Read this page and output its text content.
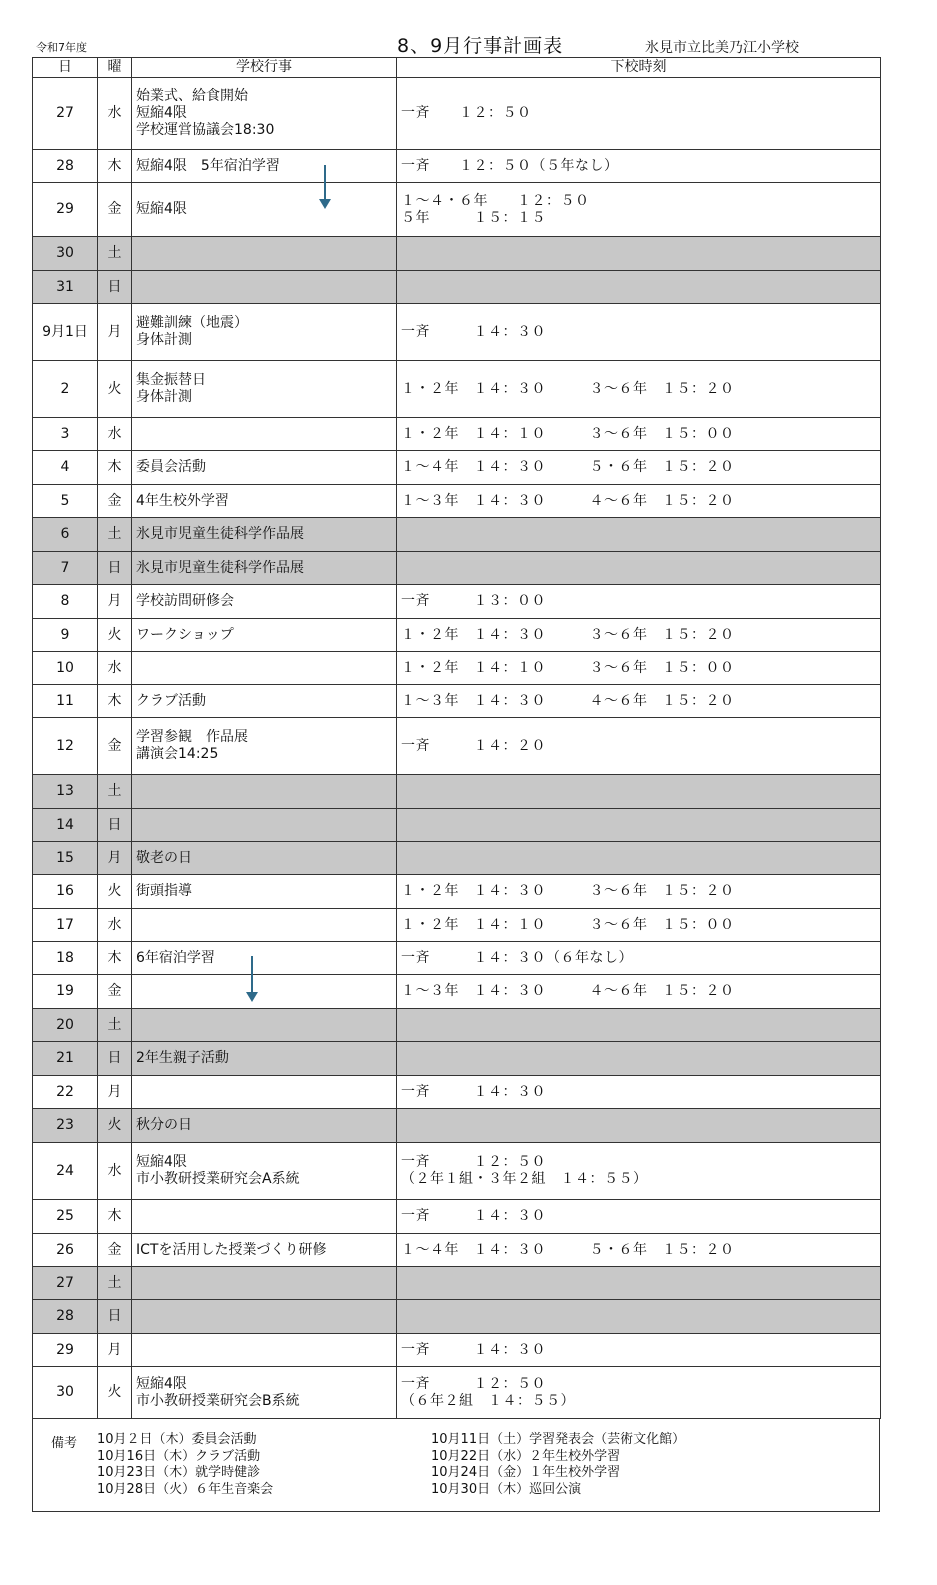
令和7年度	8、9月行事計画表	氷見市立比美乃江小学校
日	曜	学校行事	下校時刻
27	水	始業式、給食開始
短縮4限
学校運営協議会18:30	一斉　　１２：５０

28	木	短縮4限　5年宿泊学習	一斉　　１２：５０（５年なし）

29	金	短縮4限	１～４・６年　　１２：５０
５年　　　１５：１５

30	土		
31	日		
9月1日	月	避難訓練（地震）
身体計測	一斉　　　１４：３０

2	火	集金振替日
身体計測	１・２年　１４：３０　　　３～６年　１５：２０

3	水		１・２年　１４：１０　　　３～６年　１５：００

4	木	委員会活動	１～４年　１４：３０　　　５・６年　１５：２０

5	金	4年生校外学習	１～３年　１４：３０　　　４～６年　１５：２０

6	土	氷見市児童生徒科学作品展	

7	日	氷見市児童生徒科学作品展	

8	月	学校訪問研修会	一斉　　　１３：００

9	火	ワークショップ	１・２年　１４：３０　　　３～６年　１５：２０

10	水		１・２年　１４：１０　　　３～６年　１５：００

11	木	クラブ活動	１～３年　１４：３０　　　４～６年　１５：２０

12	金	学習参観　作品展
講演会14:25	一斉　　　１４：２０

13	土		
14	日		
15	月	敬老の日	

16	火	街頭指導	１・２年　１４：３０　　　３～６年　１５：２０

17	水		１・２年　１４：１０　　　３～６年　１５：００

18	木	6年宿泊学習	一斉　　　１４：３０（６年なし）

19	金		１～３年　１４：３０　　　４～６年　１５：２０

20	土		
21	日	2年生親子活動	

22	月		一斉　　　１４：３０

23	火	秋分の日	

24	水	短縮4限
市小教研授業研究会A系統	一斉　　　１２：５０
（２年１組・３年２組　１４：５５）

25	木		一斉　　　１４：３０

26	金	ICTを活用した授業づくり研修	１～４年　１４：３０　　　５・６年　１５：２０

27	土		
28	日		
29	月		一斉　　　１４：３０

30	火	短縮4限
市小教研授業研究会B系統	一斉　　　１２：５０
（６年２組　１４：５５）
備考 10月２日（木）委員会活動
10月16日（木）クラブ活動
10月23日（木）就学時健診
10月28日（火）６年生音楽会
10月11日（土）学習発表会（芸術文化館）
10月22日（水）２年生校外学習
10月24日（金）１年生校外学習
10月30日（木）巡回公演
